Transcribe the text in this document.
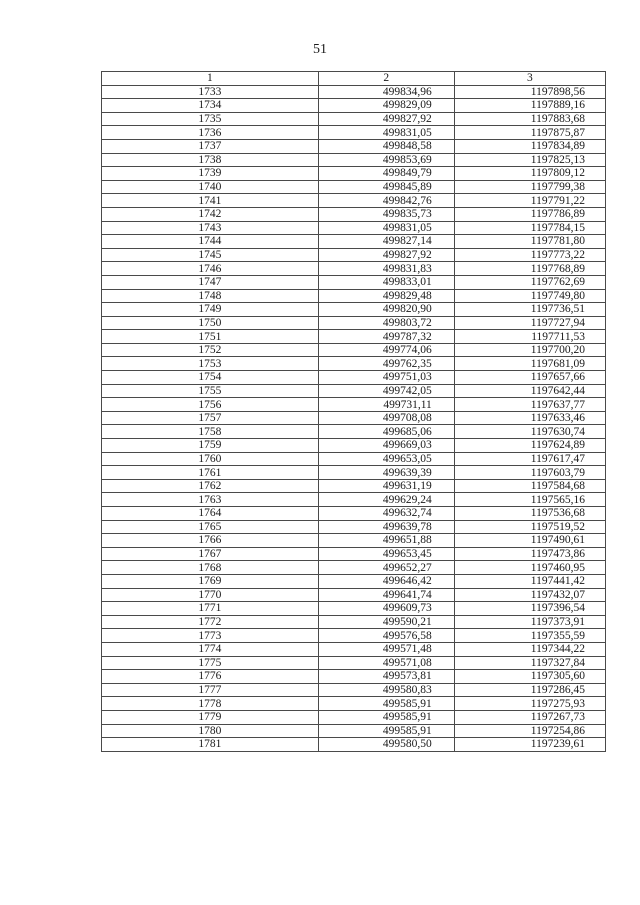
51
1	2	3
1733	499834,96	1197898,56
1734	499829,09	1197889,16
1735	499827,92	1197883,68
1736	499831,05	1197875,87
1737	499848,58	1197834,89
1738	499853,69	1197825,13
1739	499849,79	1197809,12
1740	499845,89	1197799,38
1741	499842,76	1197791,22
1742	499835,73	1197786,89
1743	499831,05	1197784,15
1744	499827,14	1197781,80
1745	499827,92	1197773,22
1746	499831,83	1197768,89
1747	499833,01	1197762,69
1748	499829,48	1197749,80
1749	499820,90	1197736,51
1750	499803,72	1197727,94
1751	499787,32	1197711,53
1752	499774,06	1197700,20
1753	499762,35	1197681,09
1754	499751,03	1197657,66
1755	499742,05	1197642,44
1756	499731,11	1197637,77
1757	499708,08	1197633,46
1758	499685,06	1197630,74
1759	499669,03	1197624,89
1760	499653,05	1197617,47
1761	499639,39	1197603,79
1762	499631,19	1197584,68
1763	499629,24	1197565,16
1764	499632,74	1197536,68
1765	499639,78	1197519,52
1766	499651,88	1197490,61
1767	499653,45	1197473,86
1768	499652,27	1197460,95
1769	499646,42	1197441,42
1770	499641,74	1197432,07
1771	499609,73	1197396,54
1772	499590,21	1197373,91
1773	499576,58	1197355,59
1774	499571,48	1197344,22
1775	499571,08	1197327,84
1776	499573,81	1197305,60
1777	499580,83	1197286,45
1778	499585,91	1197275,93
1779	499585,91	1197267,73
1780	499585,91	1197254,86
1781	499580,50	1197239,61
